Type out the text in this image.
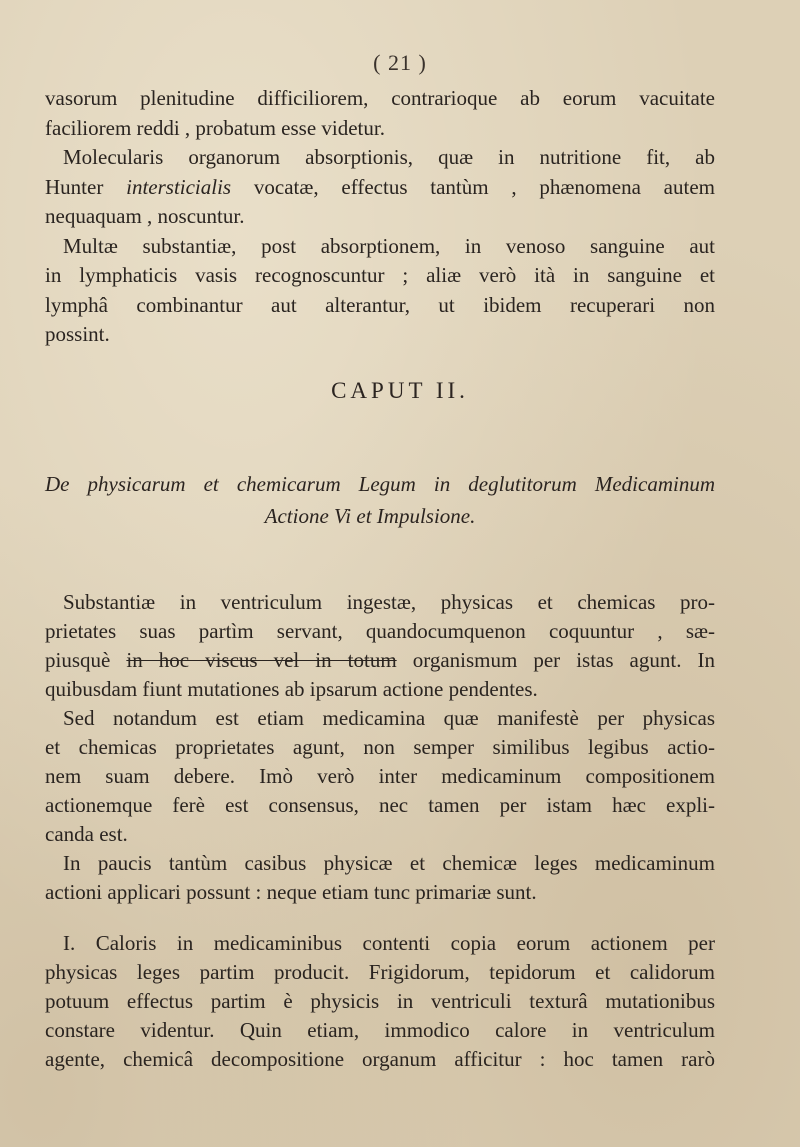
( 21 )
vasorum plenitudine difficiliorem, contrarioque ab eorum vacuitate
faciliorem reddi , probatum esse videtur.
Molecularis organorum absorptionis, quæ in nutritione fit, ab
Hunter intersticialis vocatæ, effectus tantùm , phænomena autem
nequaquam , noscuntur.
Multæ substantiæ, post absorptionem, in venoso sanguine aut
in lymphaticis vasis recognoscuntur ; aliæ verò ità in sanguine et
lymphâ combinantur aut alterantur, ut ibidem recuperari non
possint.
CAPUT II.
De physicarum et chemicarum Legum in deglutitorum Medicaminum
Actione Vi et Impulsione.
Substantiæ in ventriculum ingestæ, physicas et chemicas pro-
prietates suas partìm servant, quandocumquenon coquuntur , sæ-
piusquè in hoc viscus vel in totum organismum per istas agunt. In
quibusdam fiunt mutationes ab ipsarum actione pendentes.
Sed notandum est etiam medicamina quæ manifestè per physicas
et chemicas proprietates agunt, non semper similibus legibus actio-
nem suam debere. Imò verò inter medicaminum compositionem
actionemque ferè est consensus, nec tamen per istam hæc expli-
canda est.
In paucis tantùm casibus physicæ et chemicæ leges medicaminum
actioni applicari possunt : neque etiam tunc primariæ sunt.
I. Caloris in medicaminibus contenti copia eorum actionem per
physicas leges partim producit. Frigidorum, tepidorum et calidorum
potuum effectus partim è physicis in ventriculi texturâ mutationibus
constare videntur. Quin etiam, immodico calore in ventriculum
agente, chemicâ decompositione organum afficitur : hoc tamen rarò
